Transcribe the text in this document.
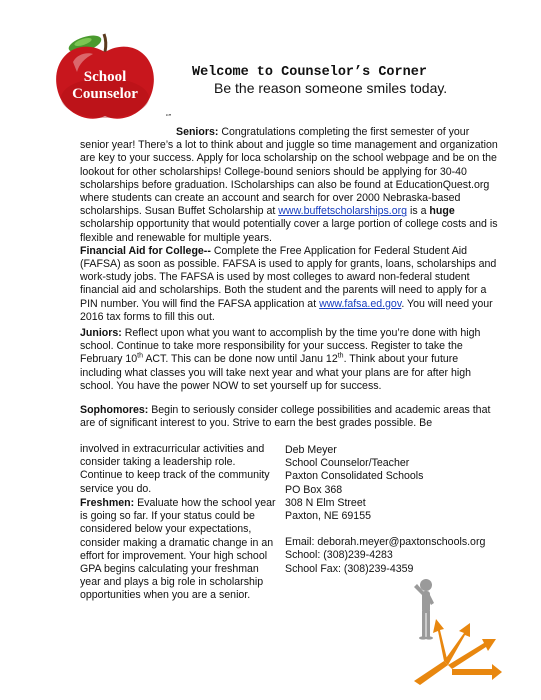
School
Counselor
Welcome to Counselor’s Corner
Be the reason someone smiles today.
“”

Seniors: Congratulations completing the first semester of your senior year! There’s a lot to think about and juggle so time management and organization are key to your success. Apply for loca scholarship on the school webpage and be on the lookout for other scholarships! College-bound seniors should be applying for 30-40 scholarships before graduation. IScholarships can also be found at EducationQuest.org where students can create an account and search for over 2000 Nebraska-based scholarships. Susan Buffet Scholarship at www.buffetscholarships.org is a huge scholarship opportunity that would potentially cover a large portion of college costs and is flexible and renewable for multiple years.
Financial Aid for College-- Complete the Free Application for Federal Student Aid (FAFSA) as soon as possible. FAFSA is used to apply for grants, loans, scholarships and work-study jobs. The FAFSA is used by most colleges to award non-federal student financial aid and scholarships. Both the student and the parents will need to apply for a PIN number. You will find the FAFSA application at www.fafsa.ed.gov. You will need your 2016 tax forms to fill this out.

Juniors: Reflect upon what you want to accomplish by the time you’re done with high school. Continue to take more responsibility for your success. Register to take the February 10th ACT. This can be done now until Janu 12th. Think about your future including what classes you will take next year and what your plans are for after high school. You have the power NOW to set yourself up for success.

Sophomores: Begin to seriously consider college possibilities and academic areas that are of significant interest to you. Strive to earn the best grades possible. Be

involved in extracurricular activities and consider taking a leadership role. Continue to keep track of the community service you do.

Freshmen: Evaluate how the school year is going so far. If your status could be considered below your expectations, consider making a dramatic change in an effort for improvement. Your high school GPA begins calculating your freshman year and plays a big role in scholarship opportunities when you are a senior.

Deb Meyer
School Counselor/Teacher
Paxton Consolidated Schools
PO Box 368
308 N Elm Street
Paxton, NE 69155
Email: deborah.meyer@paxtonschools.org
School: (308)239-4283
School Fax: (308)239-4359
